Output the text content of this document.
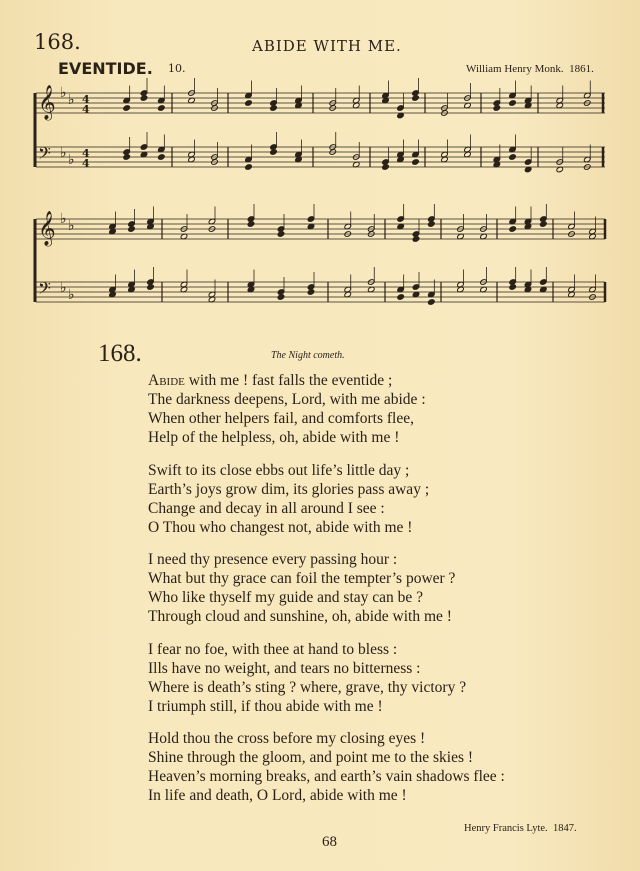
168.	ABIDE WITH ME.
EVENTIDE. 10.	William Henry Monk. 1861.
𝄞 ♭ ♭ 4
4
𝄢 ♭ ♭ 4
4
𝄞 ♭ ♭
𝄢 ♭ ♭
168.	The Night cometh.
Abide with me ! fast falls the eventide ;
The darkness deepens, Lord, with me abide :
When other helpers fail, and comforts flee,
Help of the helpless, oh, abide with me !
Swift to its close ebbs out life’s little day ;
Earth’s joys grow dim, its glories pass away ;
Change and decay in all around I see :
O Thou who changest not, abide with me !
I need thy presence every passing hour :
What but thy grace can foil the tempter’s power ?
Who like thyself my guide and stay can be ?
Through cloud and sunshine, oh, abide with me !
I fear no foe, with thee at hand to bless :
Ills have no weight, and tears no bitterness :
Where is death’s sting ? where, grave, thy victory ?
I triumph still, if thou abide with me !
Hold thou the cross before my closing eyes !
Shine through the gloom, and point me to the skies !
Heaven’s morning breaks, and earth’s vain shadows flee :
In life and death, O Lord, abide with me !
Henry Francis Lyte. 1847.
68
